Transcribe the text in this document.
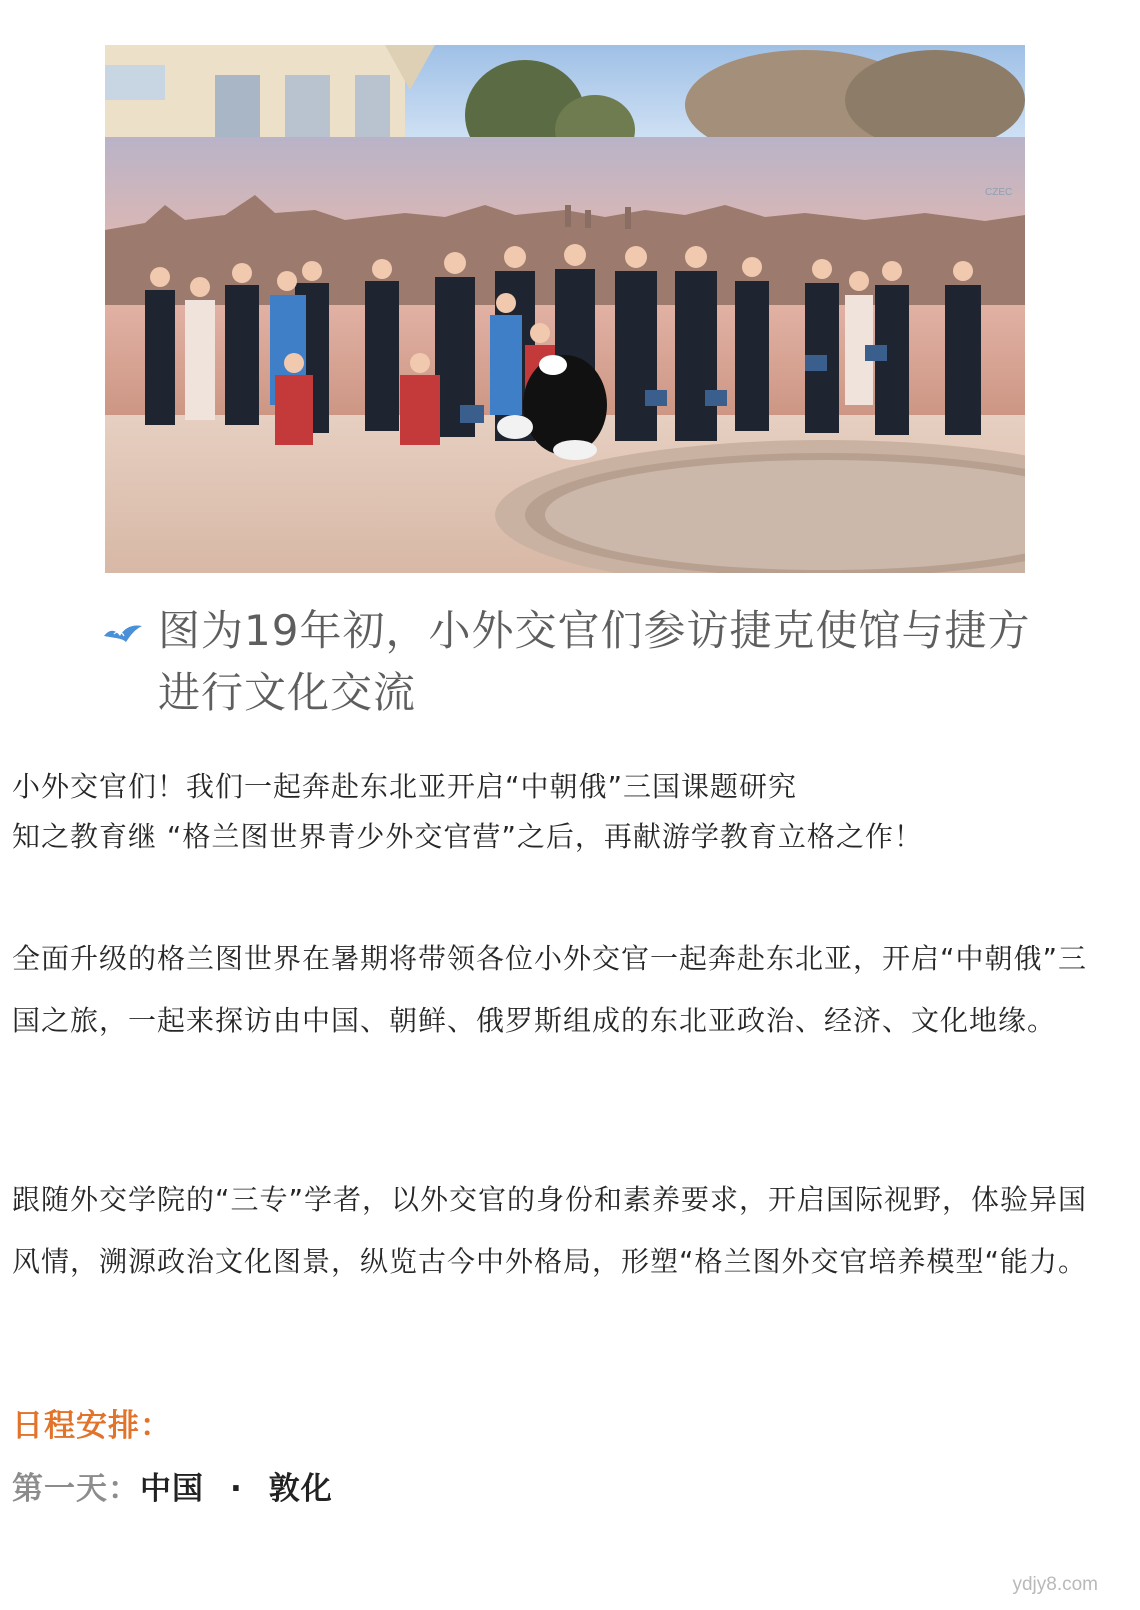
CZEC
图为19年初，小外交官们参访捷克使馆与捷方进行文化交流

小外交官们！我们一起奔赴东北亚开启“中朝俄”三国课题研究

知之教育继 “格兰图世界青少外交官营”之后，再献游学教育立格之作！

全面升级的格兰图世界在暑期将带领各位小外交官一起奔赴东北亚，开启“中朝俄”三国之旅，一起来探访由中国、朝鲜、俄罗斯组成的东北亚政治、经济、文化地缘。

跟随外交学院的“三专”学者，以外交官的身份和素养要求，开启国际视野，体验异国风情，溯源政治文化图景，纵览古今中外格局，形塑“格兰图外交官培养模型“能力。

日程安排：
第一天：中国 · 敦化
ydjy8.com
